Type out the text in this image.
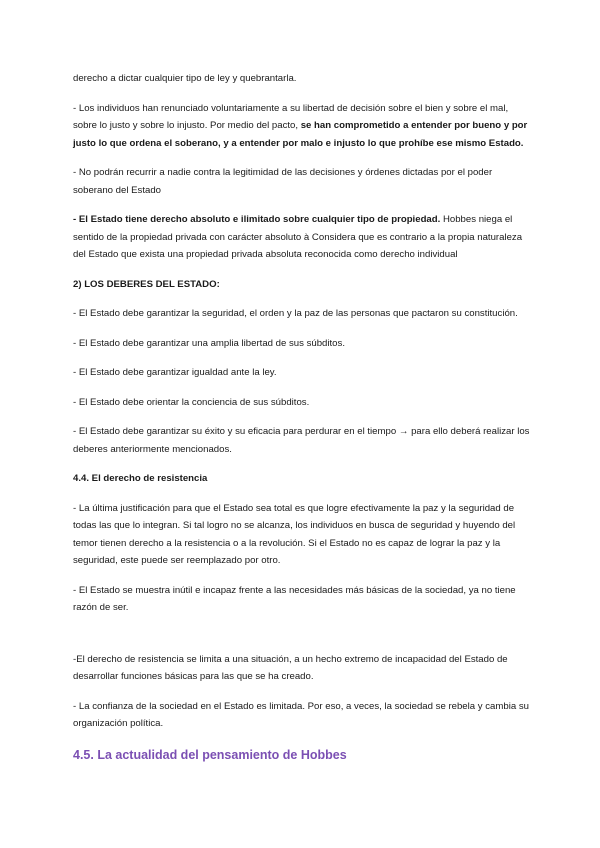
derecho a dictar cualquier tipo de ley y quebrantarla.

- Los individuos han renunciado voluntariamente a su libertad de decisión sobre el bien y sobre el mal, sobre lo justo y sobre lo injusto. Por medio del pacto, se han comprometido a entender por bueno y por justo lo que ordena el soberano, y a entender por malo e injusto lo que prohíbe ese mismo Estado.

- No podrán recurrir a nadie contra la legitimidad de las decisiones y órdenes dictadas por el poder soberano del Estado

- El Estado tiene derecho absoluto e ilimitado sobre cualquier tipo de propiedad. Hobbes niega el sentido de la propiedad privada con carácter absoluto à Considera que es contrario a la propia naturaleza del Estado que exista una propiedad privada absoluta reconocida como derecho individual

2) LOS DEBERES DEL ESTADO:

- El Estado debe garantizar la seguridad, el orden y la paz de las personas que pactaron su constitución.

- El Estado debe garantizar una amplia libertad de sus súbditos.

- El Estado debe garantizar igualdad ante la ley.

- El Estado debe orientar la conciencia de sus súbditos.

- El Estado debe garantizar su éxito y su eficacia para perdurar en el tiempo → para ello deberá realizar los deberes anteriormente mencionados.

4.4. El derecho de resistencia

- La última justificación para que el Estado sea total es que logre efectivamente la paz y la seguridad de todas las que lo integran. Si tal logro no se alcanza, los individuos en busca de seguridad y huyendo del temor tienen derecho a la resistencia o a la revolución. Si el Estado no es capaz de lograr la paz y la seguridad, este puede ser reemplazado por otro.

- El Estado se muestra inútil e incapaz frente a las necesidades más básicas de la sociedad, ya no tiene razón de ser.

-El derecho de resistencia se limita a una situación, a un hecho extremo de incapacidad del Estado de desarrollar funciones básicas para las que se ha creado.

- La confianza de la sociedad en el Estado es limitada. Por eso, a veces, la sociedad se rebela y cambia su organización política.

4.5. La actualidad del pensamiento de Hobbes
